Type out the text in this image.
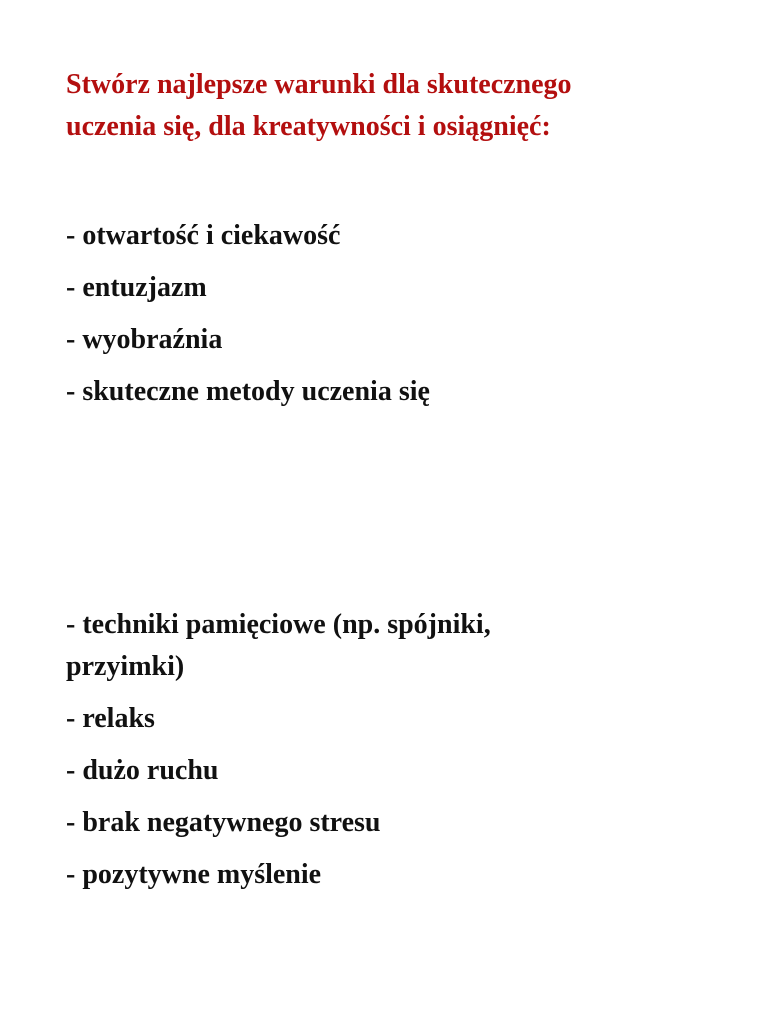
Stwórz najlepsze warunki dla skutecznego
uczenia się, dla kreatywności i osiągnięć:
- otwartość i ciekawość
- entuzjazm
- wyobraźnia
- skuteczne metody uczenia się
- techniki pamięciowe (np. spójniki,
przyimki)
- relaks
- dużo ruchu
- brak negatywnego stresu
- pozytywne myślenie
